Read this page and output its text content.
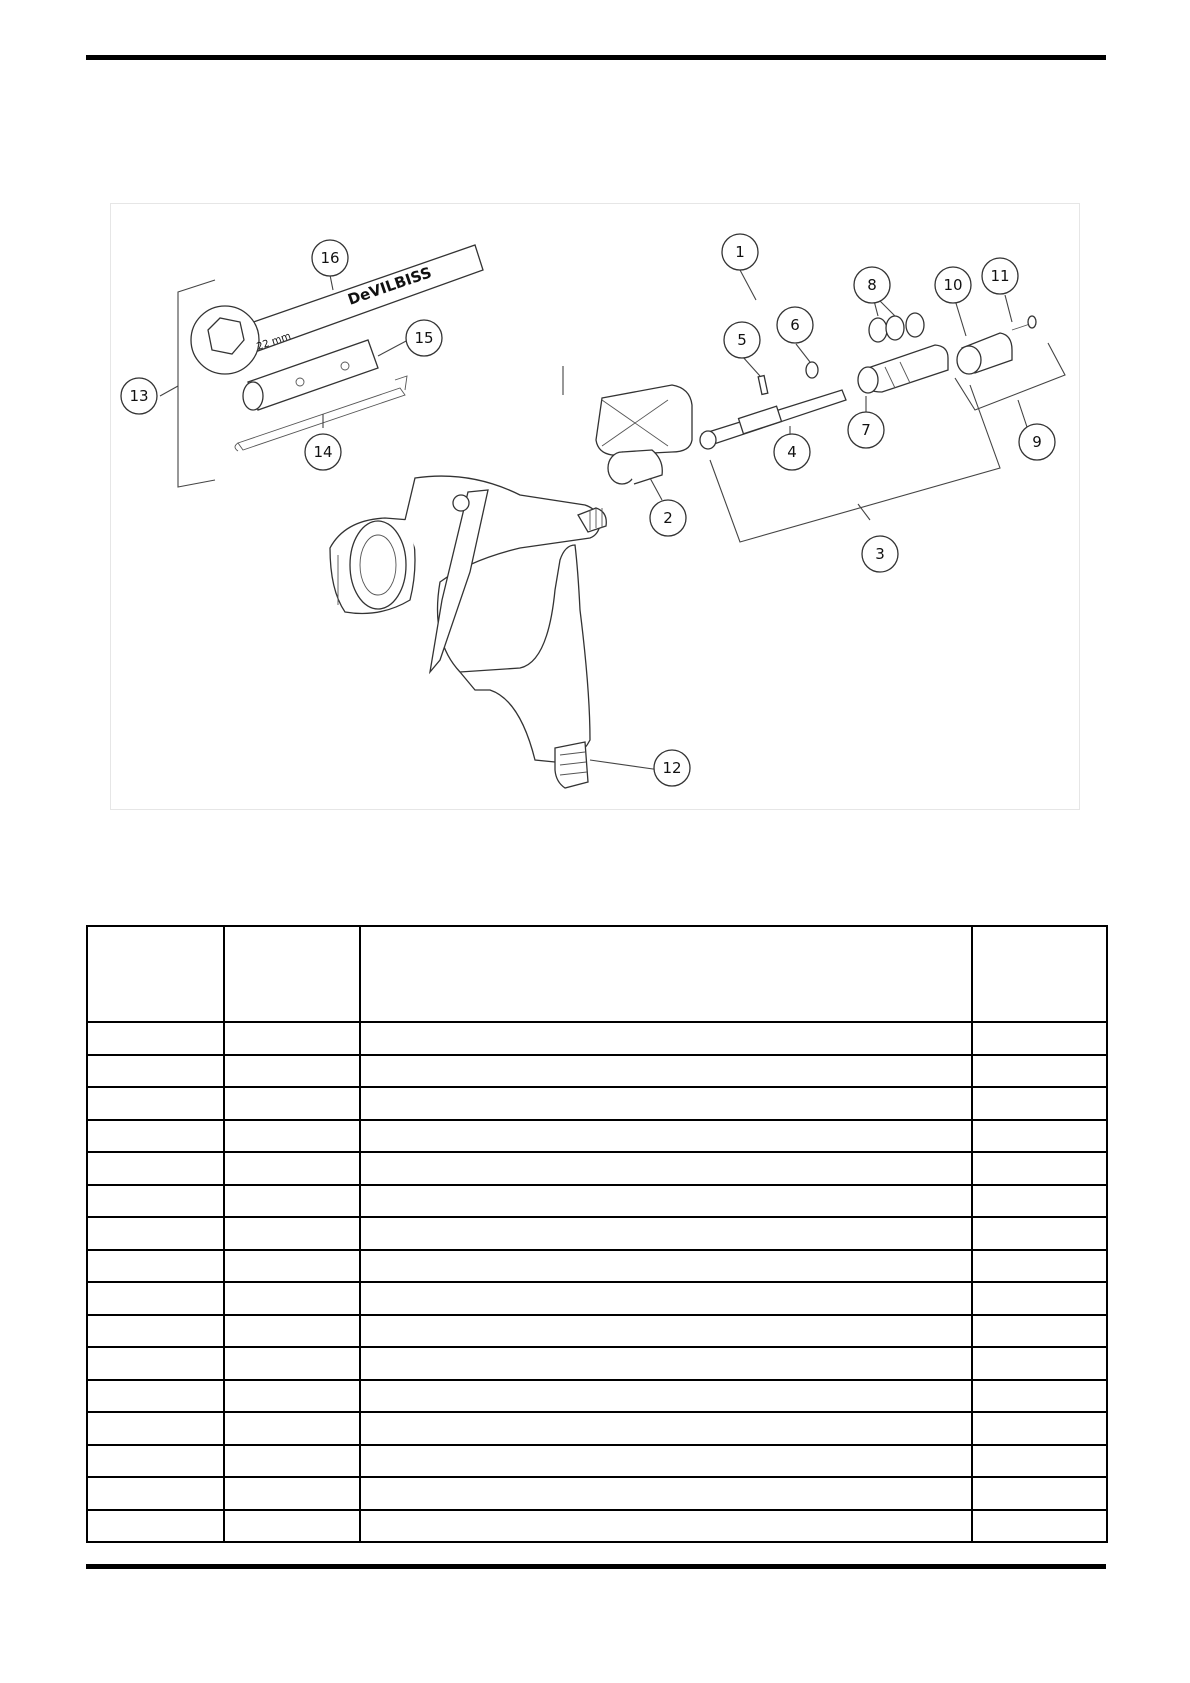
DeVILBISS
22 mm
1
2
3
4
5
6
7
8
9
10 11
12
13
14
15
16
